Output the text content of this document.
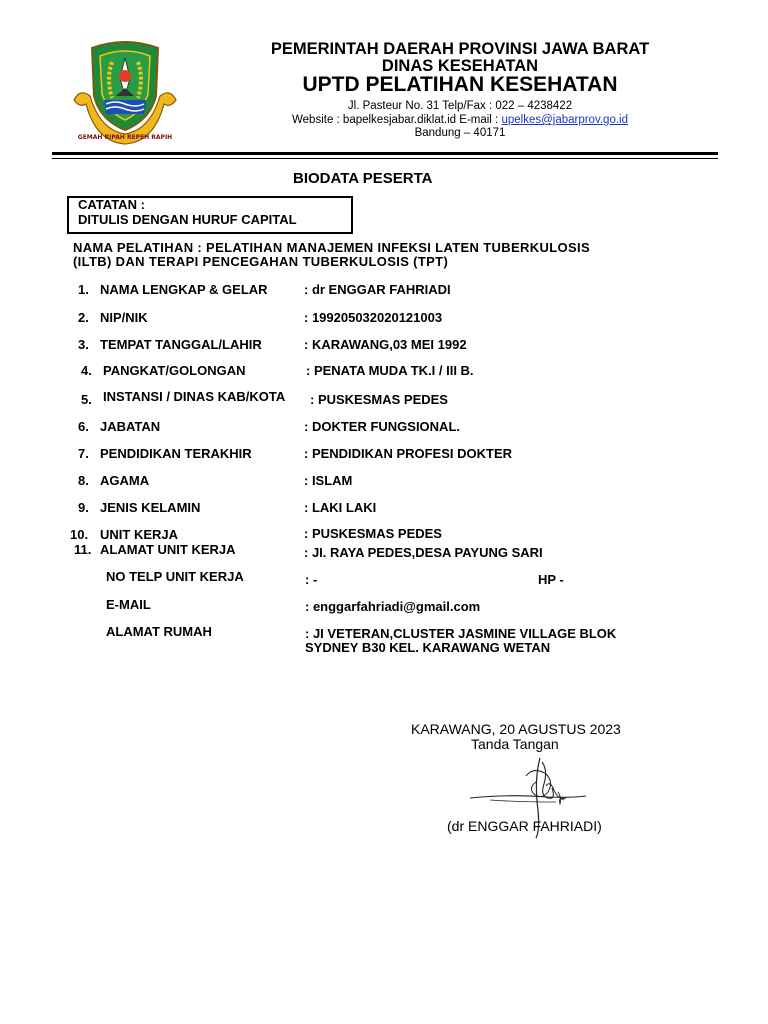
GEMAH RIPAH REPEH RAPIH
PEMERINTAH DAERAH PROVINSI JAWA BARAT
DINAS KESEHATAN
UPTD PELATIHAN KESEHATAN
Jl. Pasteur No. 31 Telp/Fax : 022 – 4238422
Website : bapelkesjabar.diklat.id E-mail : upelkes@jabarprov.go.id
Bandung – 40171
BIODATA PESERTA
CATATAN :
DITULIS DENGAN HURUF CAPITAL
NAMA PELATIHAN : PELATIHAN MANAJEMEN INFEKSI LATEN TUBERKULOSIS
(ILTB) DAN TERAPI PENCEGAHAN TUBERKULOSIS (TPT)
1. NAMA LENGKAP & GELAR	: dr ENGGAR FAHRIADI
2. NIP/NIK	: 199205032020121003
3. TEMPAT TANGGAL/LAHIR	: KARAWANG,03 MEI 1992
4. PANGKAT/GOLONGAN	: PENATA MUDA TK.I / III B.
5. INSTANSI / DINAS KAB/KOTA : PUSKESMAS PEDES
6. JABATAN	: DOKTER FUNGSIONAL.
7. PENDIDIKAN TERAKHIR	: PENDIDIKAN PROFESI DOKTER
8. AGAMA	: ISLAM
9. JENIS KELAMIN	: LAKI LAKI
10. UNIT KERJA	: PUSKESMAS PEDES
11. ALAMAT UNIT KERJA	: JI. RAYA PEDES,DESA PAYUNG SARI
NO TELP UNIT KERJA	: -	HP -
E-MAIL	: enggarfahriadi@gmail.com
ALAMAT RUMAH	: JI VETERAN,CLUSTER JASMINE VILLAGE BLOK
SYDNEY B30 KEL. KARAWANG WETAN
KARAWANG, 20 AGUSTUS 2023
Tanda Tangan
(dr ENGGAR FAHRIADI)
